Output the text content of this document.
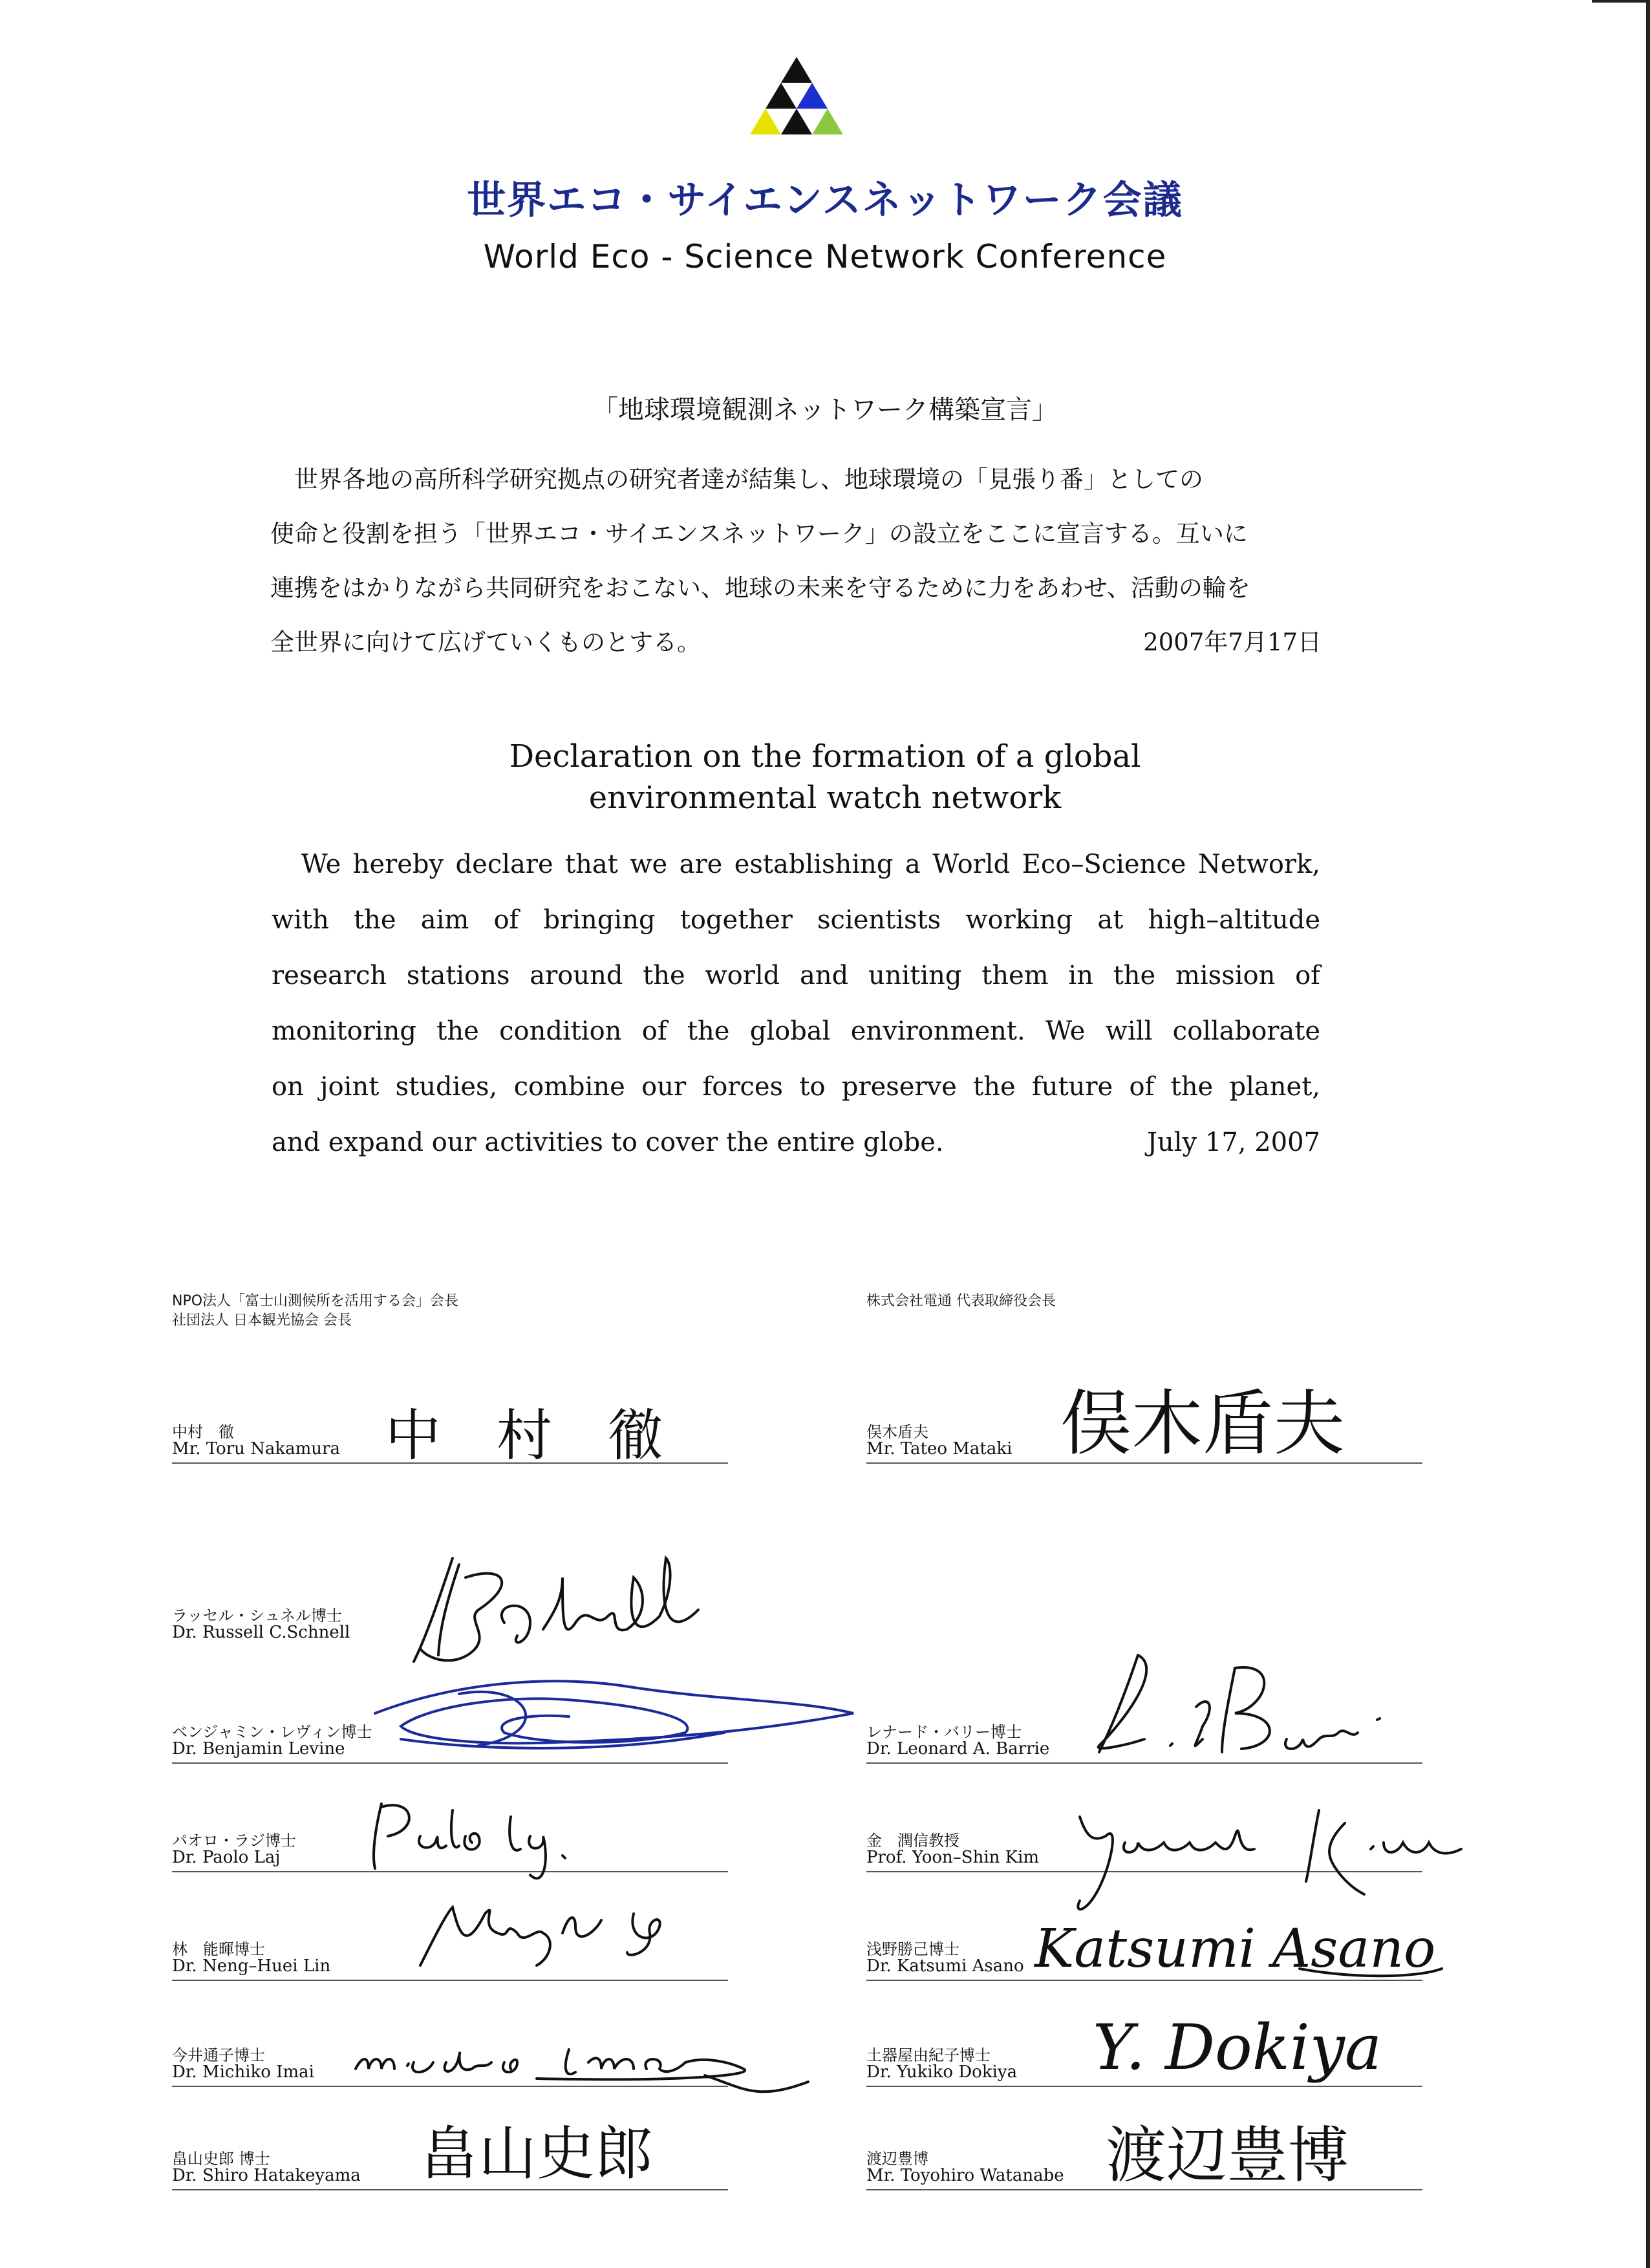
世界エコ・サイエンスネットワーク会議
World Eco - Science Network Conference
「地球環境観測ネットワーク構築宣言」
　世界各地の高所科学研究拠点の研究者達が結集し、地球環境の「見張り番」としての
使命と役割を担う「世界エコ・サイエンスネットワーク」の設立をここに宣言する。互いに
連携をはかりながら共同研究をおこない、地球の未来を守るために力をあわせ、活動の輪を
全世界に向けて広げていくものとする。	2007年7月17日
Declaration on the formation of a global
environmental watch network
　We hereby declare that we are establishing a World Eco–Science Network,
with the aim of bringing together scientists working at high–altitude
research stations around the world and uniting them in the mission of
monitoring the condition of the global environment. We will collaborate
on joint studies, combine our forces to preserve the future of the planet,
and expand our activities to cover the entire globe.	July 17, 2007
NPO法人「富士山測候所を活用する会」会長
社団法人 日本観光協会 会長
株式会社電通 代表取締役会長
中村　徹
Mr. Toru Nakamura 中　村　徹
ラッセル・シュネル博士
Dr. Russell C.Schnell
ベンジャミン・レヴィン博士
Dr. Benjamin Levine
パオロ・ラジ博士
Dr. Paolo Laj
林　能暉博士
Dr. Neng–Huei Lin
今井通子博士
Dr. Michiko Imai
畠山史郎 博士
Dr. Shiro Hatakeyama 畠山史郎
俣木盾夫
Mr. Tateo Mataki 俣木盾夫
レナード・バリー博士
Dr. Leonard A. Barrie
金　潤信教授
Prof. Yoon–Shin Kim
浅野勝己博士
Dr. Katsumi Asano Katsumi Asano
土器屋由紀子博士
Dr. Yukiko Dokiya Y. Dokiya
渡辺豊博
Mr. Toyohiro Watanabe 渡辺豊博
